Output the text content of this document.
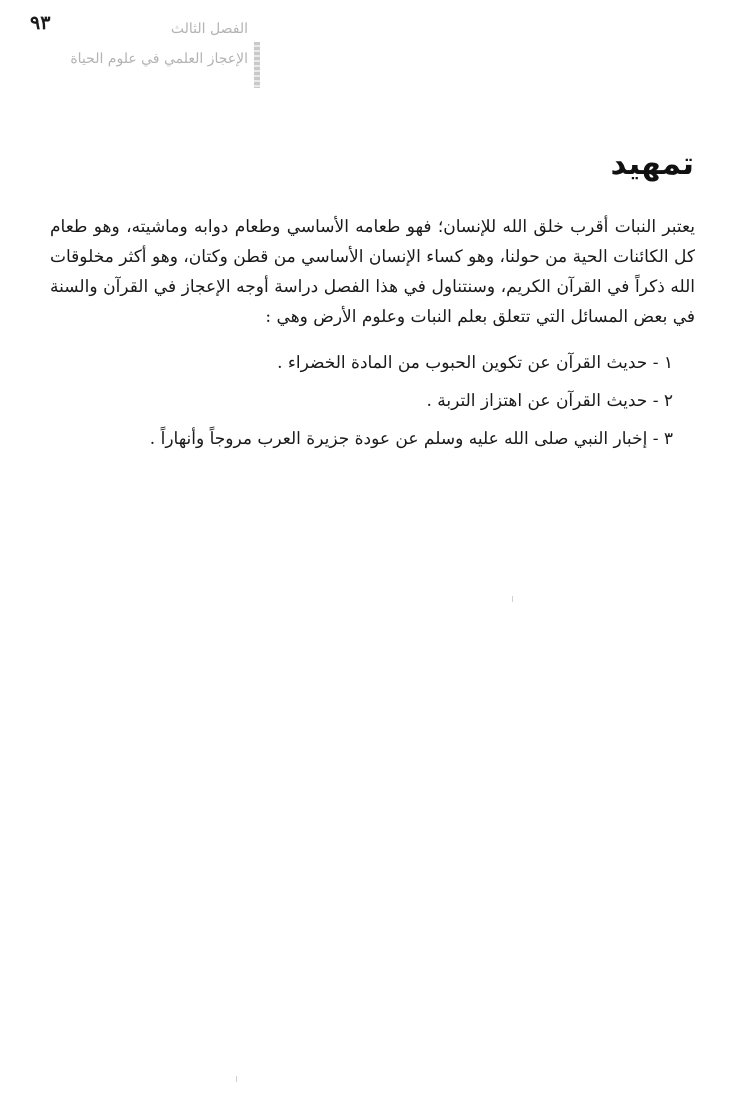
٩٣	الفصل الثالث
الإعجاز العلمي في علوم الحياة
تمهيد

يعتبر النبات أقرب خلق الله للإنسان؛ فهو طعامه الأساسي وطعام دوابه وماشيته، وهو طعام كل الكائنات الحية من حولنا، وهو كساء الإنسان الأساسي من قطن وكتان، وهو أكثر مخلوقات الله ذكراً في القرآن الكريم، وسنتناول في هذا الفصل دراسة أوجه الإعجاز في القرآن والسنة في بعض المسائل التي تتعلق بعلم النبات وعلوم الأرض وهي :

١ - حديث القرآن عن تكوين الحبوب من المادة الخضراء .
٢ - حديث القرآن عن اهتزاز التربة .
٣ - إخبار النبي صلى الله عليه وسلم عن عودة جزيرة العرب مروجاً وأنهاراً .
